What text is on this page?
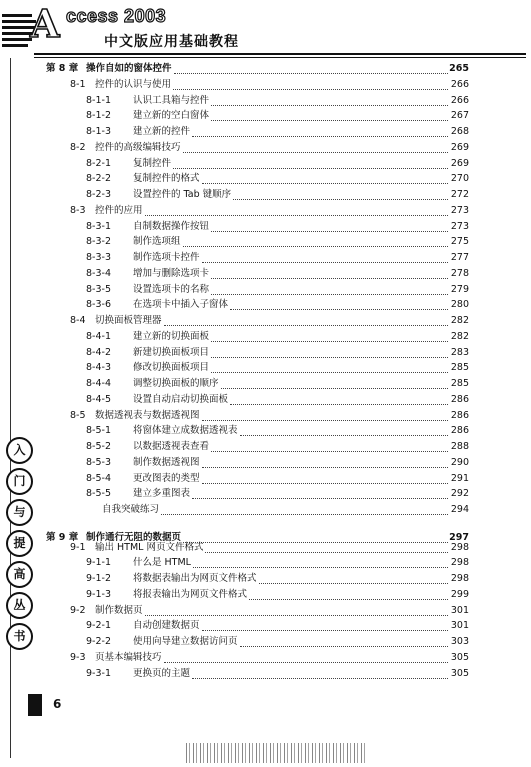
A ccess 2003
中文版应用基础教程
入
门
与
提
高
丛
书
第 8 章 操作自如的窗体控件	265
8-1 控件的认识与使用	266
8-1-1 认识工具箱与控件	266
8-1-2 建立新的空白窗体	267
8-1-3 建立新的控件	268
8-2 控件的高级编辑技巧	269
8-2-1 复制控件	269
8-2-2 复制控件的格式	270
8-2-3 设置控件的 Tab 键顺序	272
8-3 控件的应用	273
8-3-1 自制数据操作按钮	273
8-3-2 制作选项组	275
8-3-3 制作选项卡控件	277
8-3-4 增加与删除选项卡	278
8-3-5 设置选项卡的名称	279
8-3-6 在选项卡中插入子窗体	280
8-4 切换面板管理器	282
8-4-1 建立新的切换面板	282
8-4-2 新建切换面板项目	283
8-4-3 修改切换面板项目	285
8-4-4 调整切换面板的顺序	285
8-4-5 设置自动启动切换面板	286
8-5 数据透视表与数据透视图	286
8-5-1 将窗体建立成数据透视表	286
8-5-2 以数据透视表查看	288
8-5-3 制作数据透视图	290
8-5-4 更改图表的类型	291
8-5-5 建立多重图表	292
自我突破练习	294
第 9 章 制作通行无阻的数据页	297
9-1 输出 HTML 网页文件格式	298
9-1-1 什么是 HTML	298
9-1-2 将数据表输出为网页文件格式	298
9-1-3 将报表输出为网页文件格式	299
9-2 制作数据页	301
9-2-1 自动创建数据页	301
9-2-2 使用向导建立数据访问页	303
9-3 页基本编辑技巧	305
9-3-1 更换页的主题	305
6
